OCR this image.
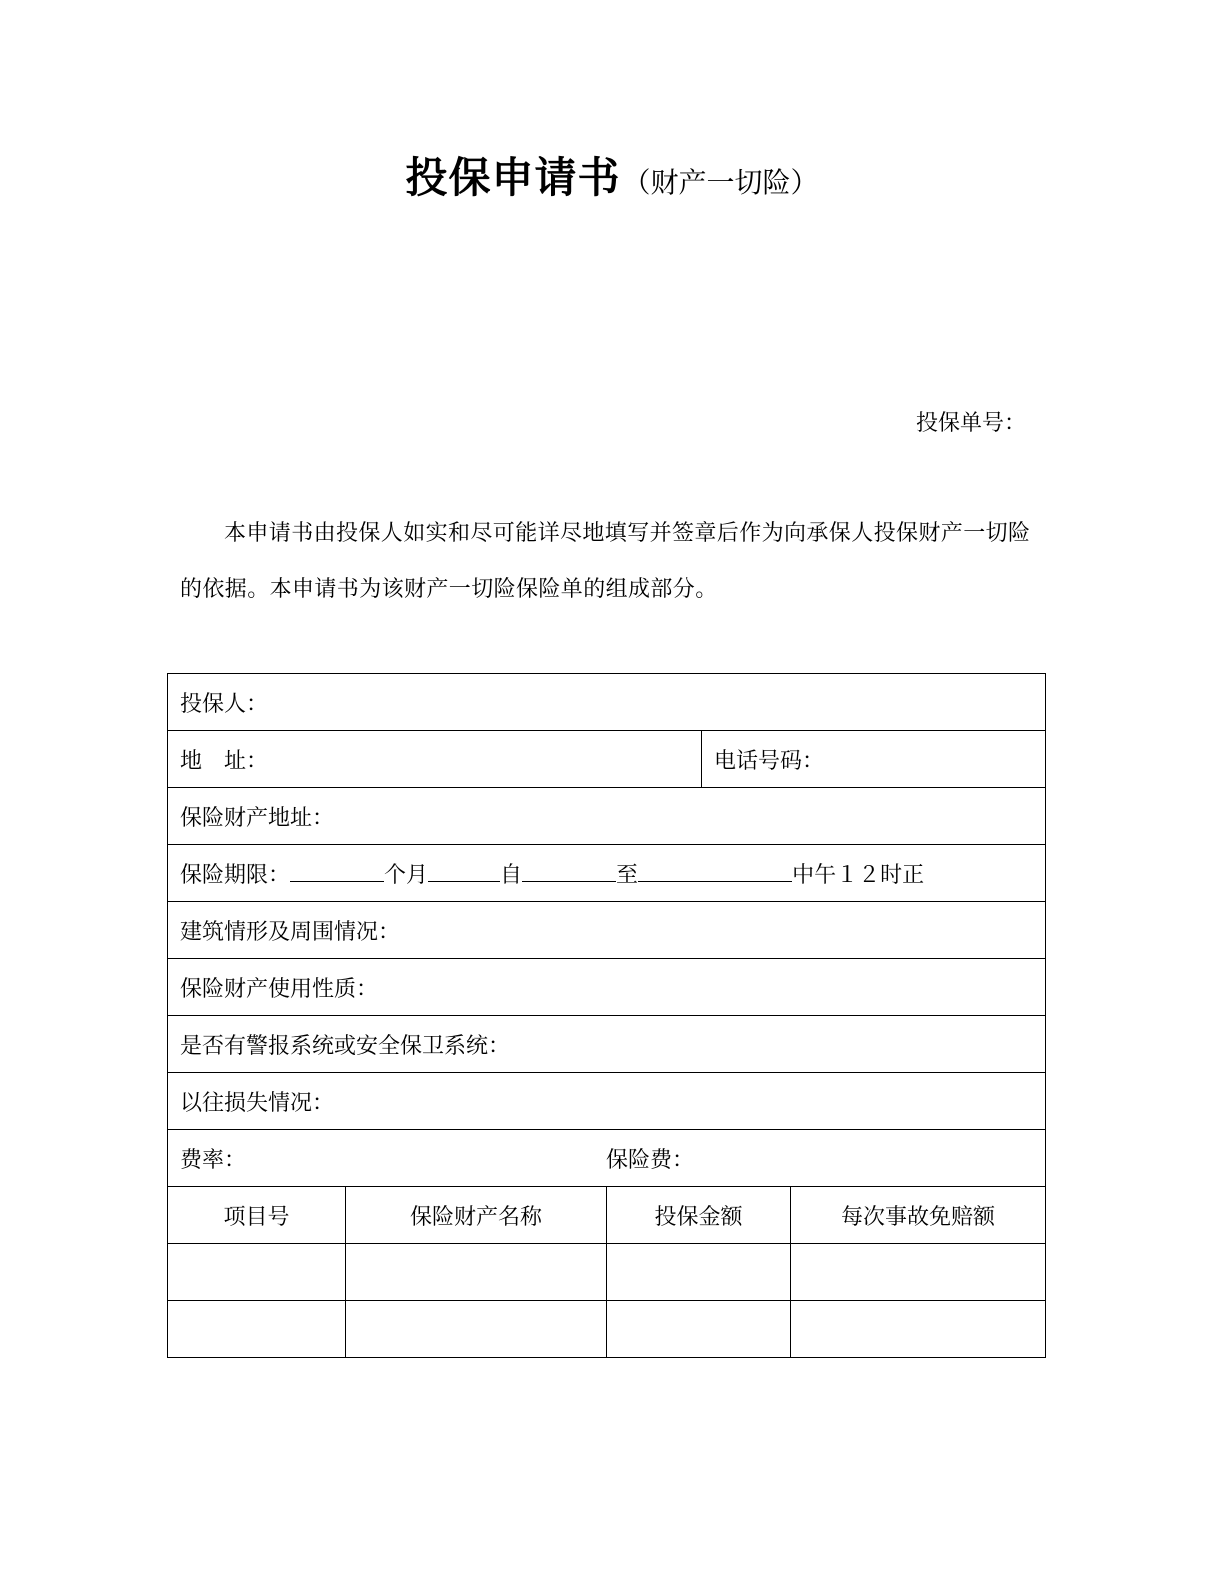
投保申请书（财产一切险）
投保单号：
本申请书由投保人如实和尽可能详尽地填写并签章后作为向承保人投保财产一切险的依据。本申请书为该财产一切险保险单的组成部分。
投保人：				
地　址：			电话号码：	
保险财产地址：				
保险期限： 个月 自 至 中午１２时正				
建筑情形及周围情况：				
保险财产使用性质：				
是否有警报系统或安全保卫系统：				
以往损失情况：				
费率： 保险费：				
项目号	保险财产名称	投保金额		每次事故免赔额
